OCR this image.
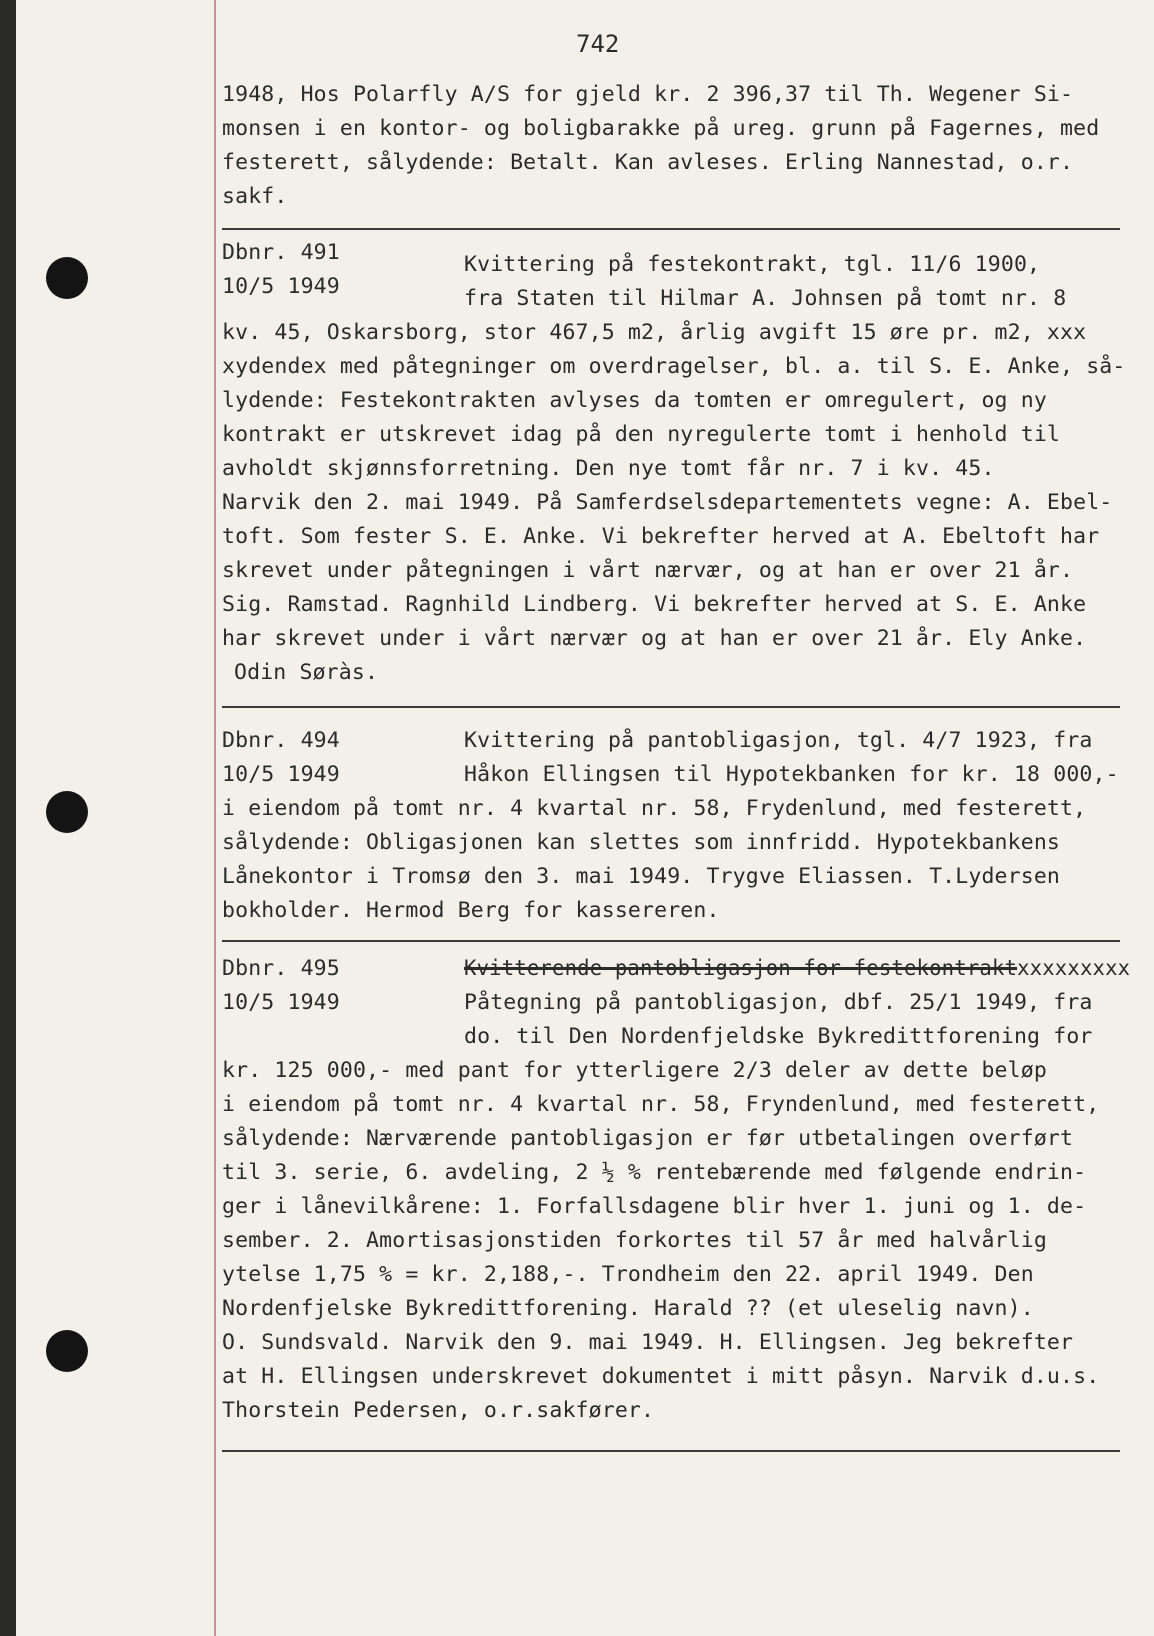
742
1948, Hos Polarfly A/S for gjeld kr. 2 396,37 til Th. Wegener Si-
monsen i en kontor- og boligbarakke på ureg. grunn på Fagernes, med
festerett, sålydende: Betalt. Kan avleses. Erling Nannestad, o.r.
sakf.
Dbnr. 491
10/5 1949
Kvittering på festekontrakt, tgl. 11/6 1900,
fra Staten til Hilmar A. Johnsen på tomt nr. 8
kv. 45, Oskarsborg, stor 467,5 m2, årlig avgift 15 øre pr. m2, xxx
xydendex med påtegninger om overdragelser, bl. a. til S. E. Anke, så-
lydende: Festekontrakten avlyses da tomten er omregulert, og ny
kontrakt er utskrevet idag på den nyregulerte tomt i henhold til
avholdt skjønnsforretning. Den nye tomt får nr. 7 i kv. 45.
Narvik den 2. mai 1949. På Samferdselsdepartementets vegne: A. Ebel-
toft. Som fester S. E. Anke. Vi bekrefter herved at A. Ebeltoft har
skrevet under påtegningen i vårt nærvær, og at han er over 21 år.
Sig. Ramstad. Ragnhild Lindberg. Vi bekrefter herved at S. E. Anke
har skrevet under i vårt nærvær og at han er over 21 år. Ely Anke.
Odin Søràs.
Dbnr. 494
10/5 1949
Kvittering på pantobligasjon, tgl. 4/7 1923, fra
Håkon Ellingsen til Hypotekbanken for kr. 18 000,-
i eiendom på tomt nr. 4 kvartal nr. 58, Frydenlund, med festerett,
sålydende: Obligasjonen kan slettes som innfridd. Hypotekbankens
Lånekontor i Tromsø den 3. mai 1949. Trygve Eliassen. T.Lydersen
bokholder. Hermod Berg for kassereren.
Dbnr. 495
10/5 1949
Kvitterende pantobligasjon for festekontraktxxxxxxxxx
Påtegning på pantobligasjon, dbf. 25/1 1949, fra
do. til Den Nordenfjeldske Bykredittforening for
kr. 125 000,- med pant for ytterligere 2/3 deler av dette beløp
i eiendom på tomt nr. 4 kvartal nr. 58, Fryndenlund, med festerett,
sålydende: Nærværende pantobligasjon er før utbetalingen overført
til 3. serie, 6. avdeling, 2 ½ % rentebærende med følgende endrin-
ger i lånevilkårene: 1. Forfallsdagene blir hver 1. juni og 1. de-
sember. 2. Amortisasjonstiden forkortes til 57 år med halvårlig
ytelse 1,75 % = kr. 2,188,-. Trondheim den 22. april 1949. Den
Nordenfjelske Bykredittforening. Harald ?? (et uleselig navn).
O. Sundsvald. Narvik den 9. mai 1949. H. Ellingsen. Jeg bekrefter
at H. Ellingsen underskrevet dokumentet i mitt påsyn. Narvik d.u.s.
Thorstein Pedersen, o.r.sakfører.
